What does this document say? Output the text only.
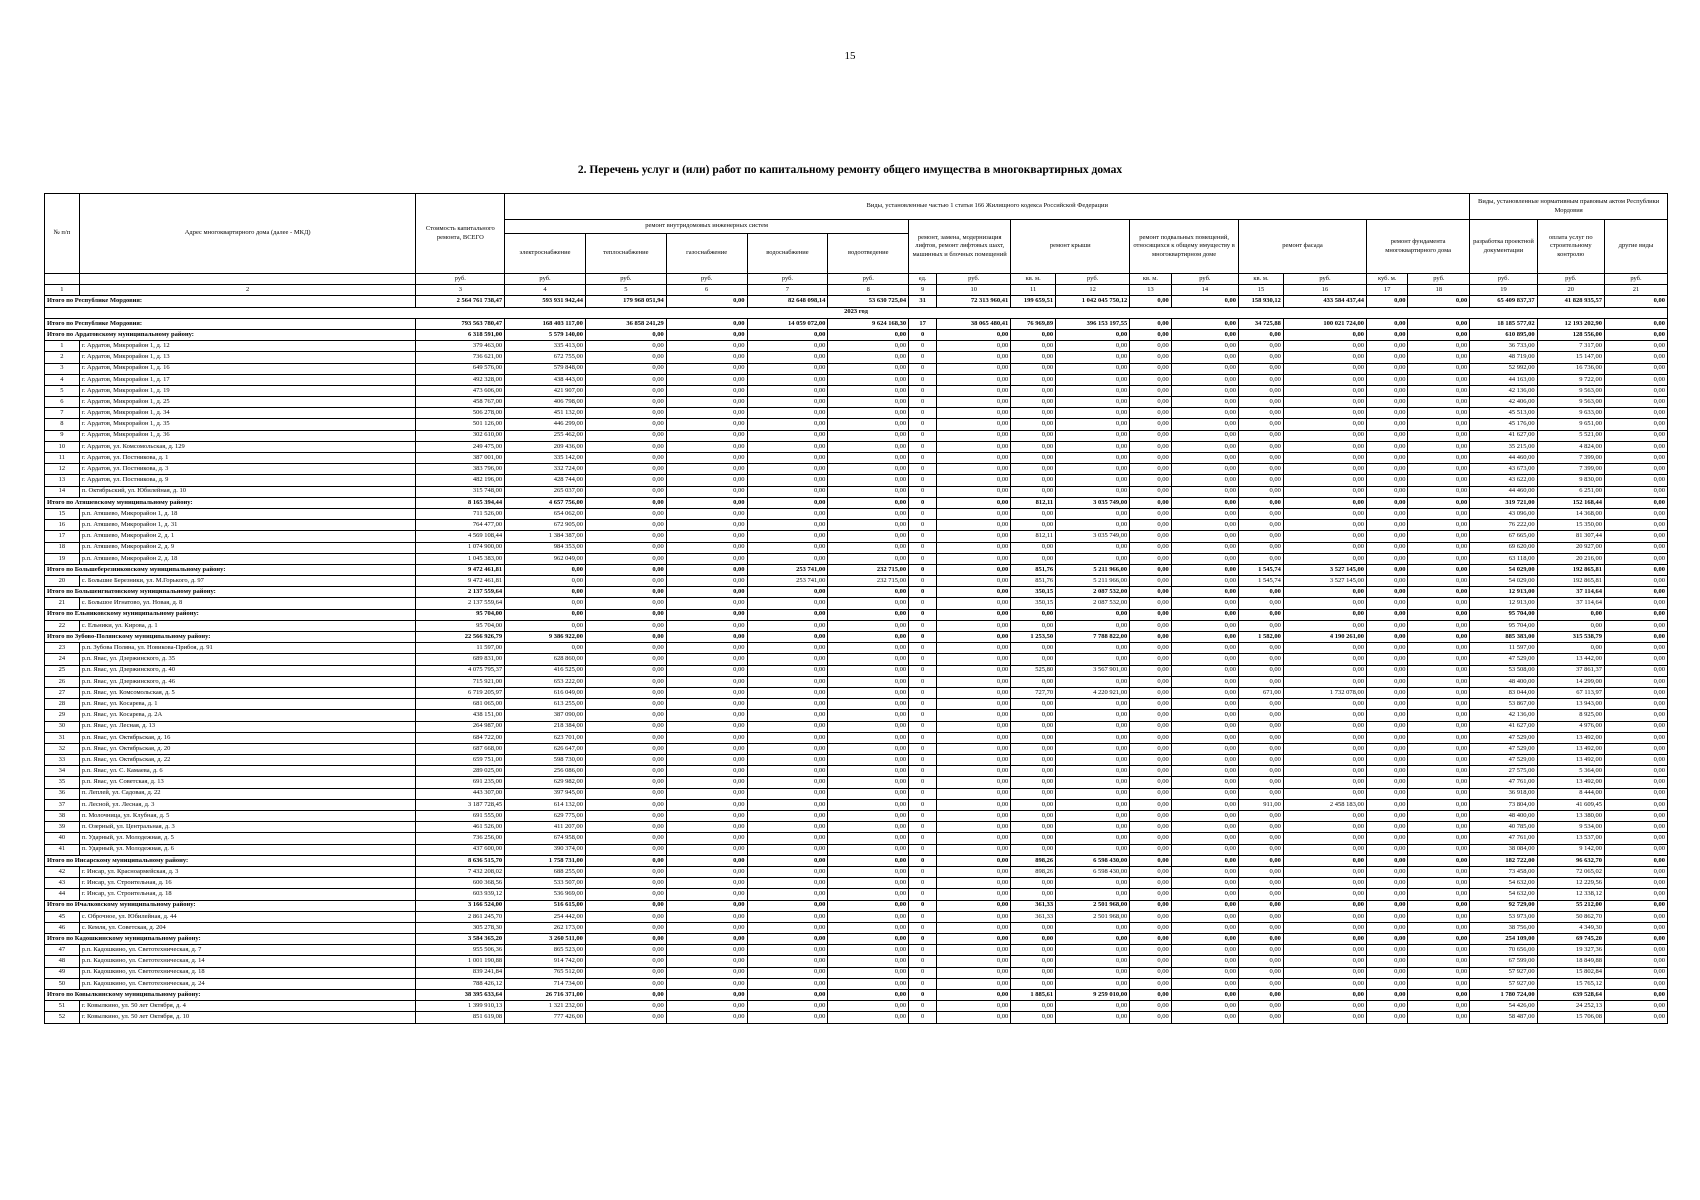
15
2. Перечень услуг и (или) работ по капитальному ремонту общего имущества в многоквартирных домах
№ п/п	Адрес многоквартирного дома (далее - МКД)	Стоимость капитального ремонта, ВСЕГО	Виды, установленные частью 1 статьи 166 Жилищного кодекса Российской Федерации															Виды, установленные нормативным правовым актом Республики Мордовия		
			ремонт внутридомовых инженерных систем					ремонт, замена, модернизация лифтов, ремонт лифтовых шахт, машинных и блочных помещений		ремонт крыши		ремонт подвальных помещений, относящихся к общему имуществу в многоквартирном доме		ремонт фасада		ремонт фундамента многоквартирного дома		разработка проектной документации	оплата услуг по строительному контролю	другие виды
			электроснабжение	теплоснабжение	газоснабжение	водоснабжение	водоотведение													
		руб.	руб.	руб.	руб.	руб.	руб.	ед.	руб.	кв. м.	руб.	кв. м.	руб.	кв. м.	руб.	куб. м.	руб.	руб.	руб.	руб.
1	2	3	4	5	6	7	8	9	10	11	12	13	14	15	16	17	18	19	20	21
Итого по Республике Мордовия:		2 564 761 738,47	593 931 942,44	179 968 051,94	0,00	82 648 098,14	53 630 725,04	31	72 313 960,41	199 659,51	1 042 045 750,12	0,00	0,00	158 930,12	433 584 437,44	0,00	0,00	65 409 837,37	41 828 935,57	0,00
2023 год																				
Итого по Республике Мордовия:		793 563 780,47	168 403 117,00	36 858 241,29	0,00	14 059 072,00	9 624 168,30	17	38 065 480,41	76 969,89	396 153 197,55	0,00	0,00	34 725,88	100 021 724,00	0,00	0,00	18 185 577,02	12 193 202,90	0,00
Итого по Ардатовскому муниципальному району:		6 318 591,00	5 579 140,00	0,00	0,00	0,00	0,00	0	0,00	0,00	0,00	0,00	0,00	0,00	0,00	0,00	0,00	610 895,00	128 556,00	0,00
1	г. Ардатов, Микрорайон 1, д. 12	379 463,00	335 413,00	0,00	0,00	0,00	0,00	0	0,00	0,00	0,00	0,00	0,00	0,00	0,00	0,00	0,00	36 733,00	7 317,00	0,00
2	г. Ардатов, Микрорайон 1, д. 13	736 621,00	672 755,00	0,00	0,00	0,00	0,00	0	0,00	0,00	0,00	0,00	0,00	0,00	0,00	0,00	0,00	48 719,00	15 147,00	0,00
3	г. Ардатов, Микрорайон 1, д. 16	649 576,00	579 848,00	0,00	0,00	0,00	0,00	0	0,00	0,00	0,00	0,00	0,00	0,00	0,00	0,00	0,00	52 992,00	16 736,00	0,00
4	г. Ардатов, Микрорайон 1, д. 17	492 328,00	438 443,00	0,00	0,00	0,00	0,00	0	0,00	0,00	0,00	0,00	0,00	0,00	0,00	0,00	0,00	44 163,00	9 722,00	0,00
5	г. Ардатов, Микрорайон 1, д. 19	473 606,00	421 907,00	0,00	0,00	0,00	0,00	0	0,00	0,00	0,00	0,00	0,00	0,00	0,00	0,00	0,00	42 136,00	9 563,00	0,00
6	г. Ардатов, Микрорайон 1, д. 25	458 767,00	406 798,00	0,00	0,00	0,00	0,00	0	0,00	0,00	0,00	0,00	0,00	0,00	0,00	0,00	0,00	42 406,00	9 563,00	0,00
7	г. Ардатов, Микрорайон 1, д. 34	506 278,00	451 132,00	0,00	0,00	0,00	0,00	0	0,00	0,00	0,00	0,00	0,00	0,00	0,00	0,00	0,00	45 513,00	9 633,00	0,00
8	г. Ардатов, Микрорайон 1, д. 35	501 126,00	446 299,00	0,00	0,00	0,00	0,00	0	0,00	0,00	0,00	0,00	0,00	0,00	0,00	0,00	0,00	45 176,00	9 651,00	0,00
9	г. Ардатов, Микрорайон 1, д. 36	302 610,00	255 462,00	0,00	0,00	0,00	0,00	0	0,00	0,00	0,00	0,00	0,00	0,00	0,00	0,00	0,00	41 627,00	5 521,00	0,00
10	г. Ардатов, ул. Комсомольская, д. 129	249 475,00	209 436,00	0,00	0,00	0,00	0,00	0	0,00	0,00	0,00	0,00	0,00	0,00	0,00	0,00	0,00	35 215,00	4 824,00	0,00
11	г. Ардатов, ул. Постникова, д. 1	387 001,00	335 142,00	0,00	0,00	0,00	0,00	0	0,00	0,00	0,00	0,00	0,00	0,00	0,00	0,00	0,00	44 460,00	7 399,00	0,00
12	г. Ардатов, ул. Постникова, д. 3	383 796,00	332 724,00	0,00	0,00	0,00	0,00	0	0,00	0,00	0,00	0,00	0,00	0,00	0,00	0,00	0,00	43 673,00	7 399,00	0,00
13	г. Ардатов, ул. Постникова, д. 9	482 196,00	428 744,00	0,00	0,00	0,00	0,00	0	0,00	0,00	0,00	0,00	0,00	0,00	0,00	0,00	0,00	43 622,00	9 830,00	0,00
14	п. Октябрьский, ул. Юбилейная, д. 10	315 748,00	265 037,00	0,00	0,00	0,00	0,00	0	0,00	0,00	0,00	0,00	0,00	0,00	0,00	0,00	0,00	44 460,00	6 251,00	0,00
Итого по Атяшевскому муниципальному району:		8 165 394,44	4 657 756,00	0,00	0,00	0,00	0,00	0	0,00	812,11	3 035 749,00	0,00	0,00	0,00	0,00	0,00	0,00	319 721,00	152 168,44	0,00
15	р.п. Атяшево, Микрорайон 1, д. 18	711 526,00	654 062,00	0,00	0,00	0,00	0,00	0	0,00	0,00	0,00	0,00	0,00	0,00	0,00	0,00	0,00	43 096,00	14 368,00	0,00
16	р.п. Атяшево, Микрорайон 1, д. 31	764 477,00	672 905,00	0,00	0,00	0,00	0,00	0	0,00	0,00	0,00	0,00	0,00	0,00	0,00	0,00	0,00	76 222,00	15 350,00	0,00
17	р.п. Атяшево, Микрорайон 2, д. 1	4 569 108,44	1 384 387,00	0,00	0,00	0,00	0,00	0	0,00	812,11	3 035 749,00	0,00	0,00	0,00	0,00	0,00	0,00	67 665,00	81 307,44	0,00
18	р.п. Атяшево, Микрорайон 2, д. 9	1 074 900,00	984 353,00	0,00	0,00	0,00	0,00	0	0,00	0,00	0,00	0,00	0,00	0,00	0,00	0,00	0,00	69 620,00	20 927,00	0,00
19	р.п. Атяшево, Микрорайон 2, д. 18	1 045 383,00	962 049,00	0,00	0,00	0,00	0,00	0	0,00	0,00	0,00	0,00	0,00	0,00	0,00	0,00	0,00	63 118,00	20 216,00	0,00
Итого по Большеберезниковскому муниципальному району:		9 472 461,81	0,00	0,00	0,00	253 741,00	232 715,00	0	0,00	851,76	5 211 966,00	0,00	0,00	1 545,74	3 527 145,00	0,00	0,00	54 029,00	192 865,81	0,00
20	с. Большие Березники, ул. М.Горького, д. 97	9 472 461,81	0,00	0,00	0,00	253 741,00	232 715,00	0	0,00	851,76	5 211 966,00	0,00	0,00	1 545,74	3 527 145,00	0,00	0,00	54 029,00	192 865,81	0,00
Итого по Большеигнатовскому муниципальному району:		2 137 559,64	0,00	0,00	0,00	0,00	0,00	0	0,00	350,15	2 087 532,00	0,00	0,00	0,00	0,00	0,00	0,00	12 913,00	37 114,64	0,00
21	с. Большое Игнатово, ул. Новая, д. 8	2 137 559,64	0,00	0,00	0,00	0,00	0,00	0	0,00	350,15	2 087 532,00	0,00	0,00	0,00	0,00	0,00	0,00	12 913,00	37 114,64	0,00
Итого по Ельниковскому муниципальному району:		95 704,00	0,00	0,00	0,00	0,00	0,00	0	0,00	0,00	0,00	0,00	0,00	0,00	0,00	0,00	0,00	95 704,00	0,00	0,00
22	с. Ельники, ул. Кирова, д. 1	95 704,00	0,00	0,00	0,00	0,00	0,00	0	0,00	0,00	0,00	0,00	0,00	0,00	0,00	0,00	0,00	95 704,00	0,00	0,00
Итого по Зубово-Полянскому муниципальному району:		22 566 926,79	9 386 922,00	0,00	0,00	0,00	0,00	0	0,00	1 253,50	7 788 822,00	0,00	0,00	1 582,00	4 190 261,00	0,00	0,00	885 383,00	315 538,79	0,00
23	р.п. Зубова Поляна, ул. Новикова-Прибоя, д. 91	11 597,00	0,00	0,00	0,00	0,00	0,00	0	0,00	0,00	0,00	0,00	0,00	0,00	0,00	0,00	0,00	11 597,00	0,00	0,00
24	р.п. Явас, ул. Дзержинского, д. 35	689 831,00	628 860,00	0,00	0,00	0,00	0,00	0	0,00	0,00	0,00	0,00	0,00	0,00	0,00	0,00	0,00	47 529,00	13 442,00	0,00
25	р.п. Явас, ул. Дзержинского, д. 40	4 075 795,37	416 525,00	0,00	0,00	0,00	0,00	0	0,00	525,80	3 567 901,00	0,00	0,00	0,00	0,00	0,00	0,00	53 508,00	37 861,37	0,00
26	р.п. Явас, ул. Дзержинского, д. 46	715 921,00	653 222,00	0,00	0,00	0,00	0,00	0	0,00	0,00	0,00	0,00	0,00	0,00	0,00	0,00	0,00	48 400,00	14 299,00	0,00
27	р.п. Явас, ул. Комсомольская, д. 5	6 719 205,97	616 049,00	0,00	0,00	0,00	0,00	0	0,00	727,70	4 220 921,00	0,00	0,00	671,00	1 732 078,00	0,00	0,00	83 044,00	67 113,97	0,00
28	р.п. Явас, ул. Косарева, д. 1	681 065,00	613 255,00	0,00	0,00	0,00	0,00	0	0,00	0,00	0,00	0,00	0,00	0,00	0,00	0,00	0,00	53 867,00	13 943,00	0,00
29	р.п. Явас, ул. Косарева, д. 2А	438 151,00	387 090,00	0,00	0,00	0,00	0,00	0	0,00	0,00	0,00	0,00	0,00	0,00	0,00	0,00	0,00	42 136,00	8 925,00	0,00
30	р.п. Явас, ул. Лесная, д. 13	264 987,00	218 384,00	0,00	0,00	0,00	0,00	0	0,00	0,00	0,00	0,00	0,00	0,00	0,00	0,00	0,00	41 627,00	4 976,00	0,00
31	р.п. Явас, ул. Октябрьская, д. 16	684 722,00	623 701,00	0,00	0,00	0,00	0,00	0	0,00	0,00	0,00	0,00	0,00	0,00	0,00	0,00	0,00	47 529,00	13 492,00	0,00
32	р.п. Явас, ул. Октябрьская, д. 20	687 668,00	626 647,00	0,00	0,00	0,00	0,00	0	0,00	0,00	0,00	0,00	0,00	0,00	0,00	0,00	0,00	47 529,00	13 492,00	0,00
33	р.п. Явас, ул. Октябрьская, д. 22	659 751,00	598 730,00	0,00	0,00	0,00	0,00	0	0,00	0,00	0,00	0,00	0,00	0,00	0,00	0,00	0,00	47 529,00	13 492,00	0,00
34	р.п. Явас, ул. С. Камаева, д. 6	289 025,00	256 086,00	0,00	0,00	0,00	0,00	0	0,00	0,00	0,00	0,00	0,00	0,00	0,00	0,00	0,00	27 575,00	5 364,00	0,00
35	р.п. Явас, ул. Советская, д. 13	691 235,00	629 982,00	0,00	0,00	0,00	0,00	0	0,00	0,00	0,00	0,00	0,00	0,00	0,00	0,00	0,00	47 761,00	13 492,00	0,00
36	п. Леплей, ул. Садовая, д. 22	443 307,00	397 945,00	0,00	0,00	0,00	0,00	0	0,00	0,00	0,00	0,00	0,00	0,00	0,00	0,00	0,00	36 918,00	8 444,00	0,00
37	п. Лесной, ул. Лесная, д. 3	3 187 728,45	614 132,00	0,00	0,00	0,00	0,00	0	0,00	0,00	0,00	0,00	0,00	911,00	2 458 183,00	0,00	0,00	73 804,00	41 609,45	0,00
38	п. Молочница, ул. Клубная, д. 5	691 555,00	629 775,00	0,00	0,00	0,00	0,00	0	0,00	0,00	0,00	0,00	0,00	0,00	0,00	0,00	0,00	48 400,00	13 380,00	0,00
39	п. Озерный, ул. Центральная, д. 3	461 526,00	411 207,00	0,00	0,00	0,00	0,00	0	0,00	0,00	0,00	0,00	0,00	0,00	0,00	0,00	0,00	40 785,00	9 534,00	0,00
40	п. Ударный, ул. Молодежная, д. 5	736 256,00	674 958,00	0,00	0,00	0,00	0,00	0	0,00	0,00	0,00	0,00	0,00	0,00	0,00	0,00	0,00	47 761,00	13 537,00	0,00
41	п. Ударный, ул. Молодежная, д. 6	437 600,00	390 374,00	0,00	0,00	0,00	0,00	0	0,00	0,00	0,00	0,00	0,00	0,00	0,00	0,00	0,00	38 084,00	9 142,00	0,00
Итого по Инсарскому муниципальному району:		8 636 515,70	1 758 731,00	0,00	0,00	0,00	0,00	0	0,00	898,26	6 598 430,00	0,00	0,00	0,00	0,00	0,00	0,00	182 722,00	96 632,70	0,00
42	г. Инсар, ул. Красноармейская, д. 3	7 432 208,02	688 255,00	0,00	0,00	0,00	0,00	0	0,00	898,26	6 598 430,00	0,00	0,00	0,00	0,00	0,00	0,00	73 458,00	72 065,02	0,00
43	г. Инсар, ул. Строительная, д. 16	600 368,56	533 507,00	0,00	0,00	0,00	0,00	0	0,00	0,00	0,00	0,00	0,00	0,00	0,00	0,00	0,00	54 632,00	12 229,56	0,00
44	г. Инсар, ул. Строительная, д. 18	603 939,12	536 969,00	0,00	0,00	0,00	0,00	0	0,00	0,00	0,00	0,00	0,00	0,00	0,00	0,00	0,00	54 632,00	12 338,12	0,00
Итого по Ичалковскому муниципальному району:		3 166 524,00	516 615,00	0,00	0,00	0,00	0,00	0	0,00	361,33	2 501 968,00	0,00	0,00	0,00	0,00	0,00	0,00	92 729,00	55 212,00	0,00
45	с. Оброчное, ул. Юбилейная, д. 44	2 861 245,70	254 442,00	0,00	0,00	0,00	0,00	0	0,00	361,33	2 501 968,00	0,00	0,00	0,00	0,00	0,00	0,00	53 973,00	50 862,70	0,00
46	с. Кемля, ул. Советская, д. 204	305 278,30	262 173,00	0,00	0,00	0,00	0,00	0	0,00	0,00	0,00	0,00	0,00	0,00	0,00	0,00	0,00	38 756,00	4 349,30	0,00
Итого по Кадошкинскому муниципальному району:		3 584 365,20	3 260 511,00	0,00	0,00	0,00	0,00	0	0,00	0,00	0,00	0,00	0,00	0,00	0,00	0,00	0,00	254 109,00	69 745,20	0,00
47	р.п. Кадошкино, ул. Светотехническая, д. 7	955 506,36	865 523,00	0,00	0,00	0,00	0,00	0	0,00	0,00	0,00	0,00	0,00	0,00	0,00	0,00	0,00	70 656,00	19 327,36	0,00
48	р.п. Кадошкино, ул. Светотехническая, д. 14	1 001 190,88	914 742,00	0,00	0,00	0,00	0,00	0	0,00	0,00	0,00	0,00	0,00	0,00	0,00	0,00	0,00	67 599,00	18 849,88	0,00
49	р.п. Кадошкино, ул. Светотехническая, д. 18	839 241,84	765 512,00	0,00	0,00	0,00	0,00	0	0,00	0,00	0,00	0,00	0,00	0,00	0,00	0,00	0,00	57 927,00	15 802,84	0,00
50	р.п. Кадошкино, ул. Светотехническая, д. 24	788 426,12	714 734,00	0,00	0,00	0,00	0,00	0	0,00	0,00	0,00	0,00	0,00	0,00	0,00	0,00	0,00	57 927,00	15 765,12	0,00
Итого по Ковылкинскому муниципальному району:		38 395 633,64	26 716 371,00	0,00	0,00	0,00	0,00	0	0,00	1 885,61	9 259 010,00	0,00	0,00	0,00	0,00	0,00	0,00	1 780 724,00	639 528,64	0,00
51	г. Ковылкино, ул. 50 лет Октября, д. 4	1 399 910,13	1 321 232,00	0,00	0,00	0,00	0,00	0	0,00	0,00	0,00	0,00	0,00	0,00	0,00	0,00	0,00	54 426,00	24 252,13	0,00
52	г. Ковылкино, ул. 50 лет Октября, д. 10	851 619,08	777 426,00	0,00	0,00	0,00	0,00	0	0,00	0,00	0,00	0,00	0,00	0,00	0,00	0,00	0,00	58 487,00	15 706,08	0,00
